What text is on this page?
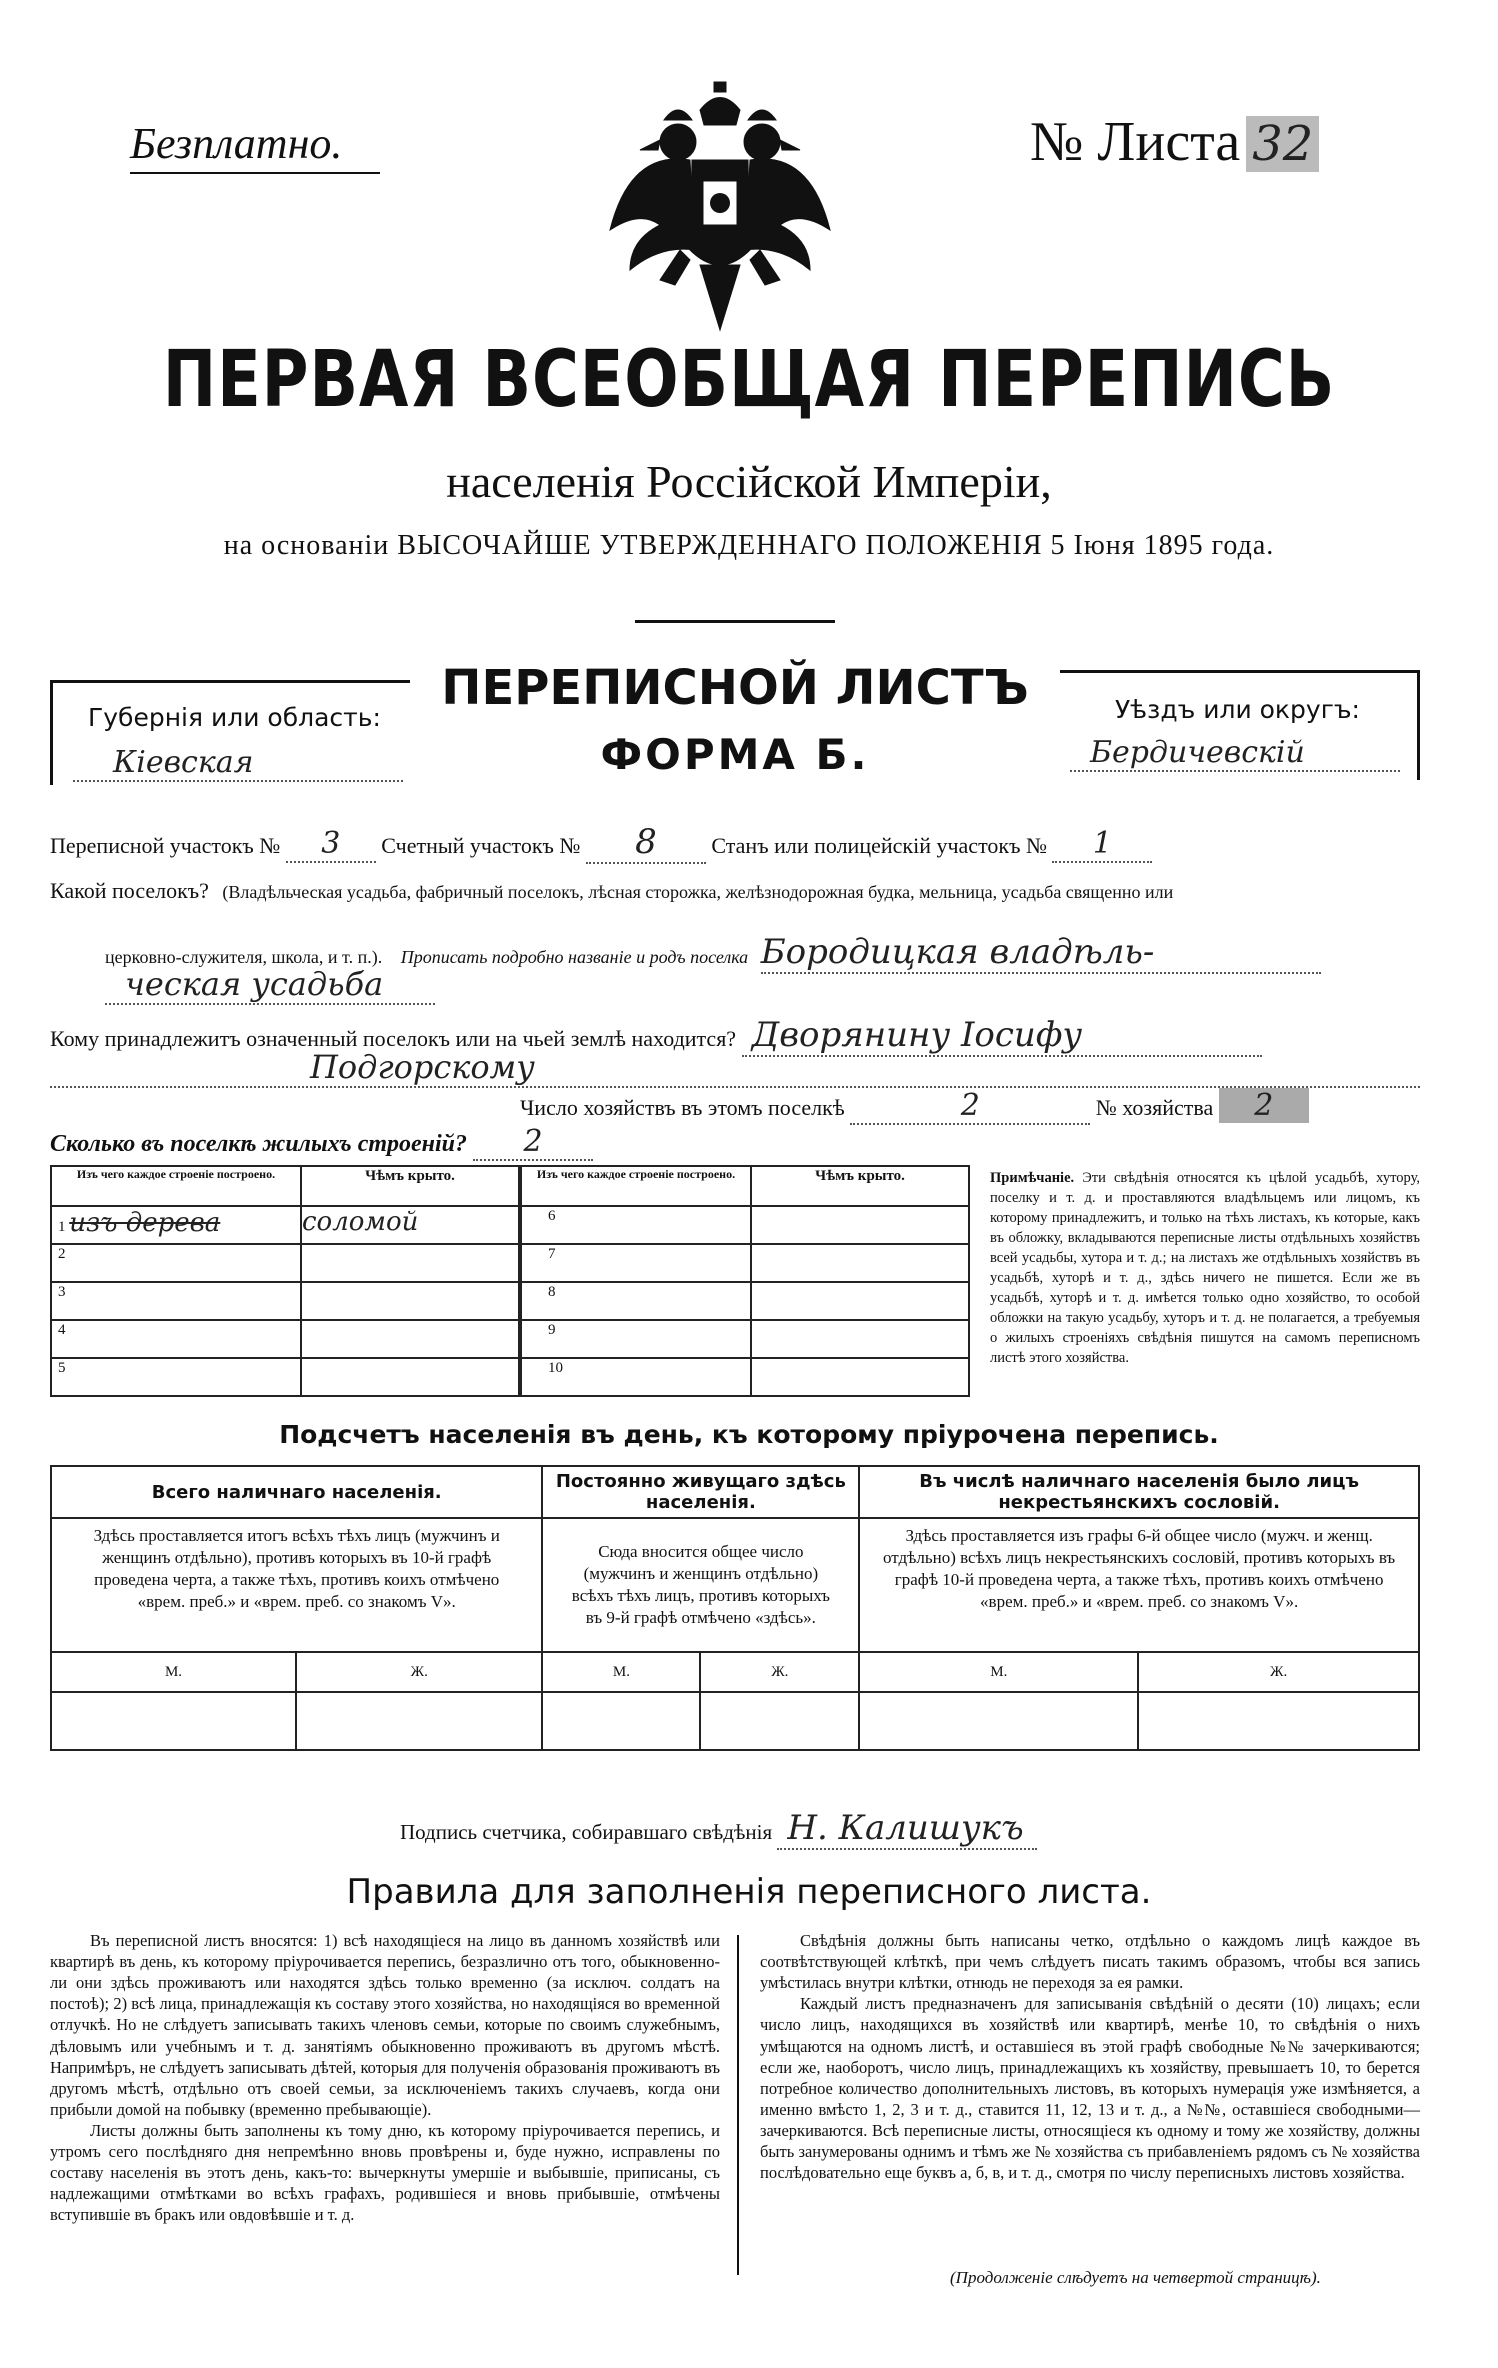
Безплатно.	№ Листа 32
ПЕРВАЯ ВСЕОБЩАЯ ПЕРЕПИСЬ
населенія Россійской Имперіи,
на основаніи ВЫСОЧАЙШЕ УТВЕРЖДЕННАГО ПОЛОЖЕНІЯ 5 Іюня 1895 года.
Губернія или область:
Кіевская
ПЕРЕПИСНОЙ ЛИСТЪ
ФОРМА Б.
Уѣздъ или округъ:
Бердичевскій
Переписной участокъ № 3 Счетный участокъ № 8 Станъ или полицейскій участокъ № 1
Какой поселокъ? (Владѣльческая усадьба, фабричный поселокъ, лѣсная сторожка, желѣзнодорожная будка, мельница, усадьба священно или
церковно-служителя, школа, и т. п.). Прописать подробно названіе и родъ поселка Бородицкая владѣль-
ческая усадьба
Кому принадлежитъ означенный поселокъ или на чьей землѣ находится? Дворянину Іосифу
Подгорскому
Число хозяйствъ въ этомъ поселкѣ	2	№ хозяйства 2
Сколько въ поселкѣ жилыхъ строеній? 2
Изъ чего каждое строеніе построено.	Чѣмъ крыто.
1 изъ дерева	соломой
2	
3	
4	
5	
Изъ чего каждое строеніе построено.	Чѣмъ крыто.
6	
7	
8	
9	
10	
Примѣчаніе. Эти свѣдѣнія относятся къ цѣлой усадьбѣ, хутору, поселку и т. д. и проставляются владѣльцемъ или лицомъ, къ которому принадлежитъ, и только на тѣхъ листахъ, къ которые, какъ въ обложку, вкладываются переписные листы отдѣльныхъ хозяйствъ всей усадьбы, хутора и т. д.; на листахъ же отдѣльныхъ хозяйствъ въ усадьбѣ, хуторѣ и т. д., здѣсь ничего не пишется. Если же въ усадьбѣ, хуторѣ и т. д. имѣется только одно хозяйство, то особой обложки на такую усадьбу, хуторъ и т. д. не полагается, а требуемыя о жилыхъ строеніяхъ свѣдѣнія пишутся на самомъ переписномъ листѣ этого хозяйства.
Подсчетъ населенія въ день, къ которому пріурочена перепись.
Всего наличнаго населенія.		Постоянно живущаго здѣсь населенія.		Въ числѣ наличнаго населенія было лицъ некрестьянскихъ сословій.	
Здѣсь проставляется итогъ всѣхъ тѣхъ лицъ (мужчинъ и женщинъ отдѣльно), противъ которыхъ въ 10-й графѣ проведена черта, а также тѣхъ, противъ коихъ отмѣчено «врем. преб.» и «врем. преб. со знакомъ V».		Сюда вносится общее число (мужчинъ и женщинъ отдѣльно) всѣхъ тѣхъ лицъ, противъ которыхъ въ 9-й графѣ отмѣчено «здѣсь».		Здѣсь проставляется изъ графы 6-й общее число (мужч. и женщ. отдѣльно) всѣхъ лицъ некрестьянскихъ сословій, противъ которыхъ въ графѣ 10-й проведена черта, а также тѣхъ, противъ коихъ отмѣчено «врем. преб.» и «врем. преб. со знакомъ V».	
М.	Ж.	М.	Ж.	М.	Ж.

Подпись счетчика, собиравшаго свѣдѣнія Н. Калишукъ
Правила для заполненія переписного листа.

Въ переписной листъ вносятся: 1) всѣ находящіеся на лицо въ данномъ хозяйствѣ или квартирѣ въ день, къ которому пріурочивается перепись, безразлично отъ того, обыкновенно-ли они здѣсь проживаютъ или находятся здѣсь только временно (за исключ. солдатъ на постоѣ); 2) всѣ лица, принадлежащія къ составу этого хозяйства, но находящіяся во временной отлучкѣ. Но не слѣдуетъ записывать такихъ членовъ семьи, которые по своимъ служебнымъ, дѣловымъ или учебнымъ и т. д. занятіямъ обыкновенно проживаютъ въ другомъ мѣстѣ. Напримѣръ, не слѣдуетъ записывать дѣтей, которыя для полученія образованія проживаютъ въ другомъ мѣстѣ, отдѣльно отъ своей семьи, за исключеніемъ такихъ случаевъ, когда они прибыли домой на побывку (временно пребывающіе).

Листы должны быть заполнены къ тому дню, къ которому пріурочивается перепись, и утромъ сего послѣдняго дня непремѣнно вновь провѣрены и, буде нужно, исправлены по составу населенія въ этотъ день, какъ-то: вычеркнуты умершіе и выбывшіе, приписаны, съ надлежащими отмѣтками во всѣхъ графахъ, родившіеся и вновь прибывшіе, отмѣчены вступившіе въ бракъ или овдовѣвшіе и т. д.

Свѣдѣнія должны быть написаны четко, отдѣльно о каждомъ лицѣ каждое въ соотвѣтствующей клѣткѣ, при чемъ слѣдуетъ писать такимъ образомъ, чтобы вся запись умѣстилась внутри клѣтки, отнюдь не переходя за ея рамки.

Каждый листъ предназначенъ для записыванія свѣдѣній о десяти (10) лицахъ; если число лицъ, находящихся въ хозяйствѣ или квартирѣ, менѣе 10, то свѣдѣнія о нихъ умѣщаются на одномъ листѣ, и оставшіеся въ этой графѣ свободные №№ зачеркиваются; если же, наоборотъ, число лицъ, принадлежащихъ къ хозяйству, превышаетъ 10, то берется потребное количество дополнительныхъ листовъ, въ которыхъ нумерація уже измѣняется, а именно вмѣсто 1, 2, 3 и т. д., ставится 11, 12, 13 и т. д., а №№, оставшіеся свободными—зачеркиваются. Всѣ переписные листы, относящіеся къ одному и тому же хозяйству, должны быть занумерованы однимъ и тѣмъ же № хозяйства съ прибавленіемъ рядомъ съ № хозяйства послѣдовательно еще буквъ а, б, в, и т. д., смотря по числу переписныхъ листовъ хозяйства.

(Продолженіе слѣдуетъ на четвертой страницѣ).
